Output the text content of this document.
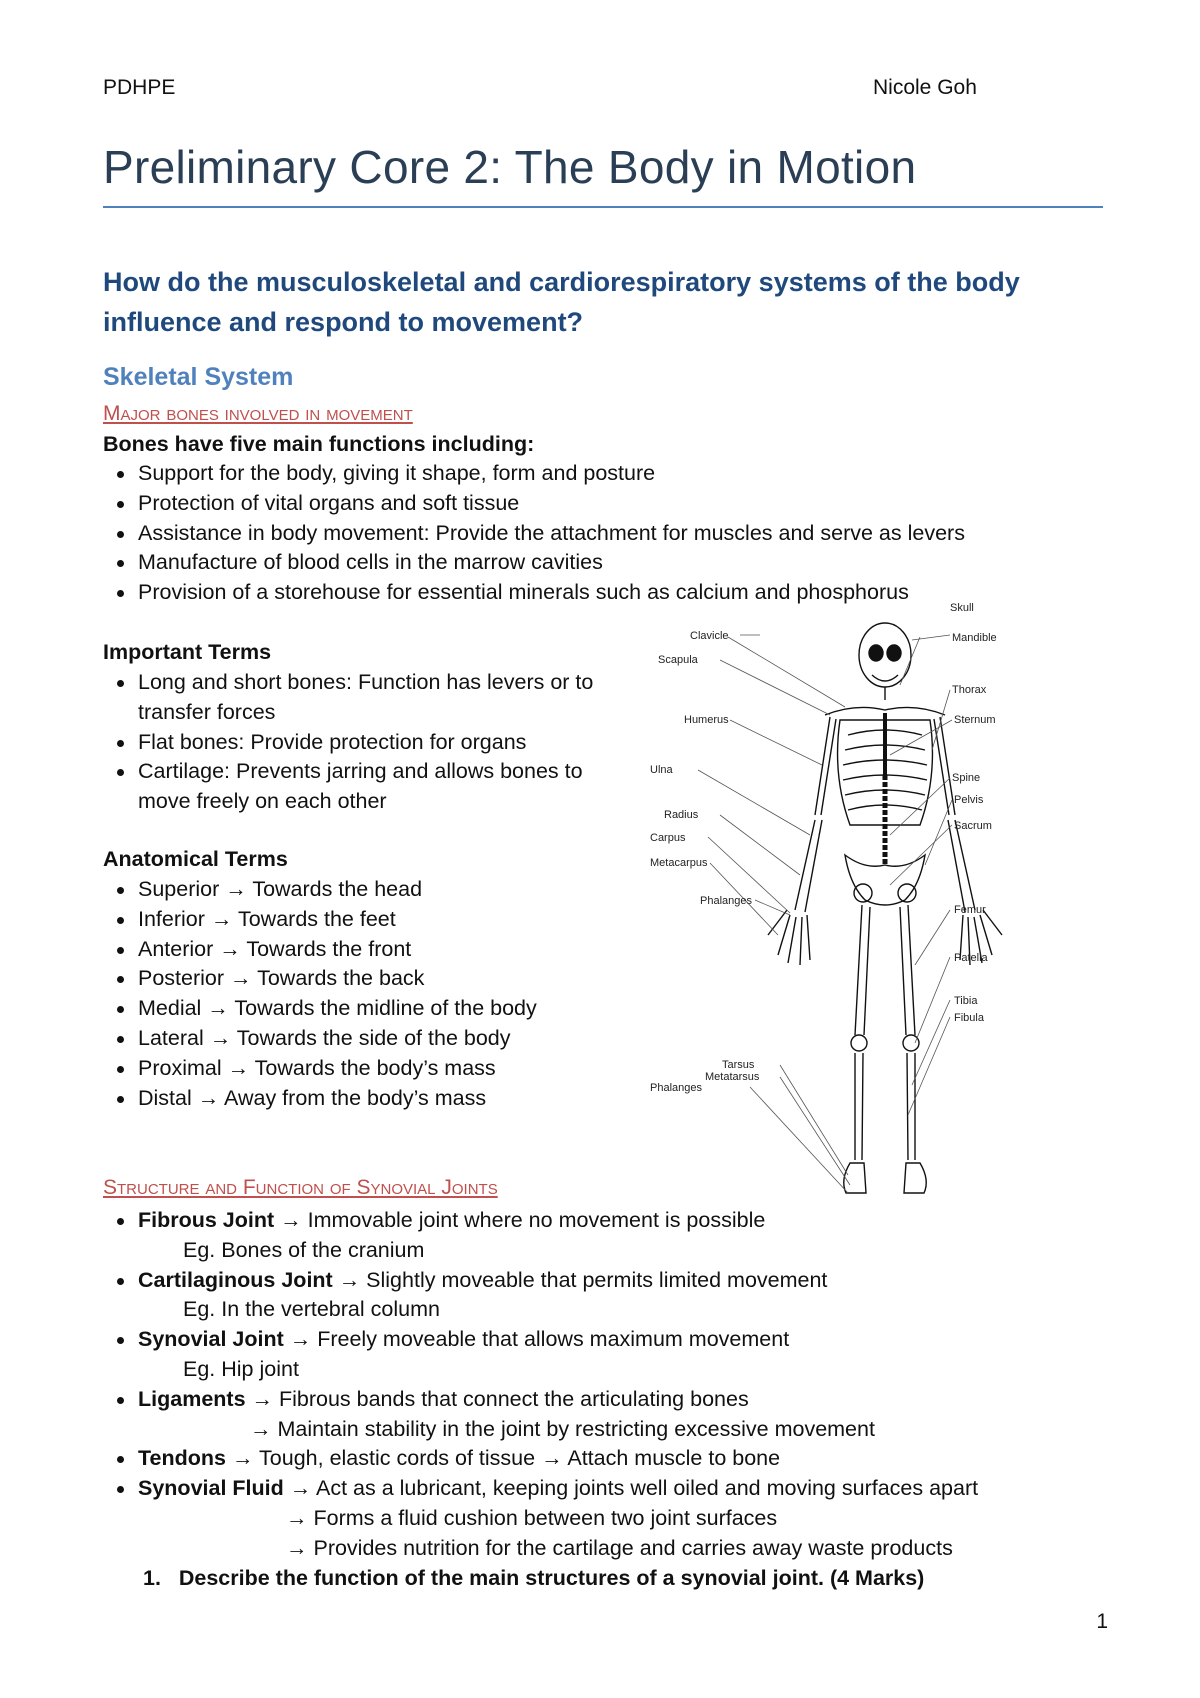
PDHPE	Nicole Goh
Preliminary Core 2: The Body in Motion
How do the musculoskeletal and cardiorespiratory systems of the body influence and respond to movement?
Skeletal System
Major bones involved in movement
Bones have five main functions including:
Support for the body, giving it shape, form and posture
Protection of vital organs and soft tissue
Assistance in body movement: Provide the attachment for muscles and serve as levers
Manufacture of blood cells in the marrow cavities
Provision of a storehouse for essential minerals such as calcium and phosphorus
Important Terms
Long and short bones: Function has levers or to transfer forces
Flat bones: Provide protection for organs
Cartilage: Prevents jarring and allows bones to move freely on each other
Anatomical Terms
Superior → Towards the head
Inferior → Towards the feet
Anterior → Towards the front
Posterior → Towards the back
Medial → Towards the midline of the body
Lateral → Towards the side of the body
Proximal → Towards the body’s mass
Distal → Away from the body’s mass
Structure and Function of Synovial Joints
Fibrous Joint → Immovable joint where no movement is possible
Eg. Bones of the cranium
Cartilaginous Joint → Slightly moveable that permits limited movement
Eg. In the vertebral column
Synovial Joint → Freely moveable that allows maximum movement
Eg. Hip joint
Ligaments → Fibrous bands that connect the articulating bones
→ Maintain stability in the joint by restricting excessive movement
Tendons → Tough, elastic cords of tissue → Attach muscle to bone
Synovial Fluid → Act as a lubricant, keeping joints well oiled and moving surfaces apart
→ Forms a fluid cushion between two joint surfaces
→ Provides nutrition for the cartilage and carries away waste products
1. Describe the function of the main structures of a synovial joint. (4 Marks)
Skull
Clavicle	Mandible
Scapula
Thorax
Humerus	Sternum
Ulna
Spine
Radius
Pelvis
Carpus
Sacrum
Metacarpus
Phalanges
Femur
Patella
Tibia
Fibula
Tarsus
Metatarsus
Phalanges
1
